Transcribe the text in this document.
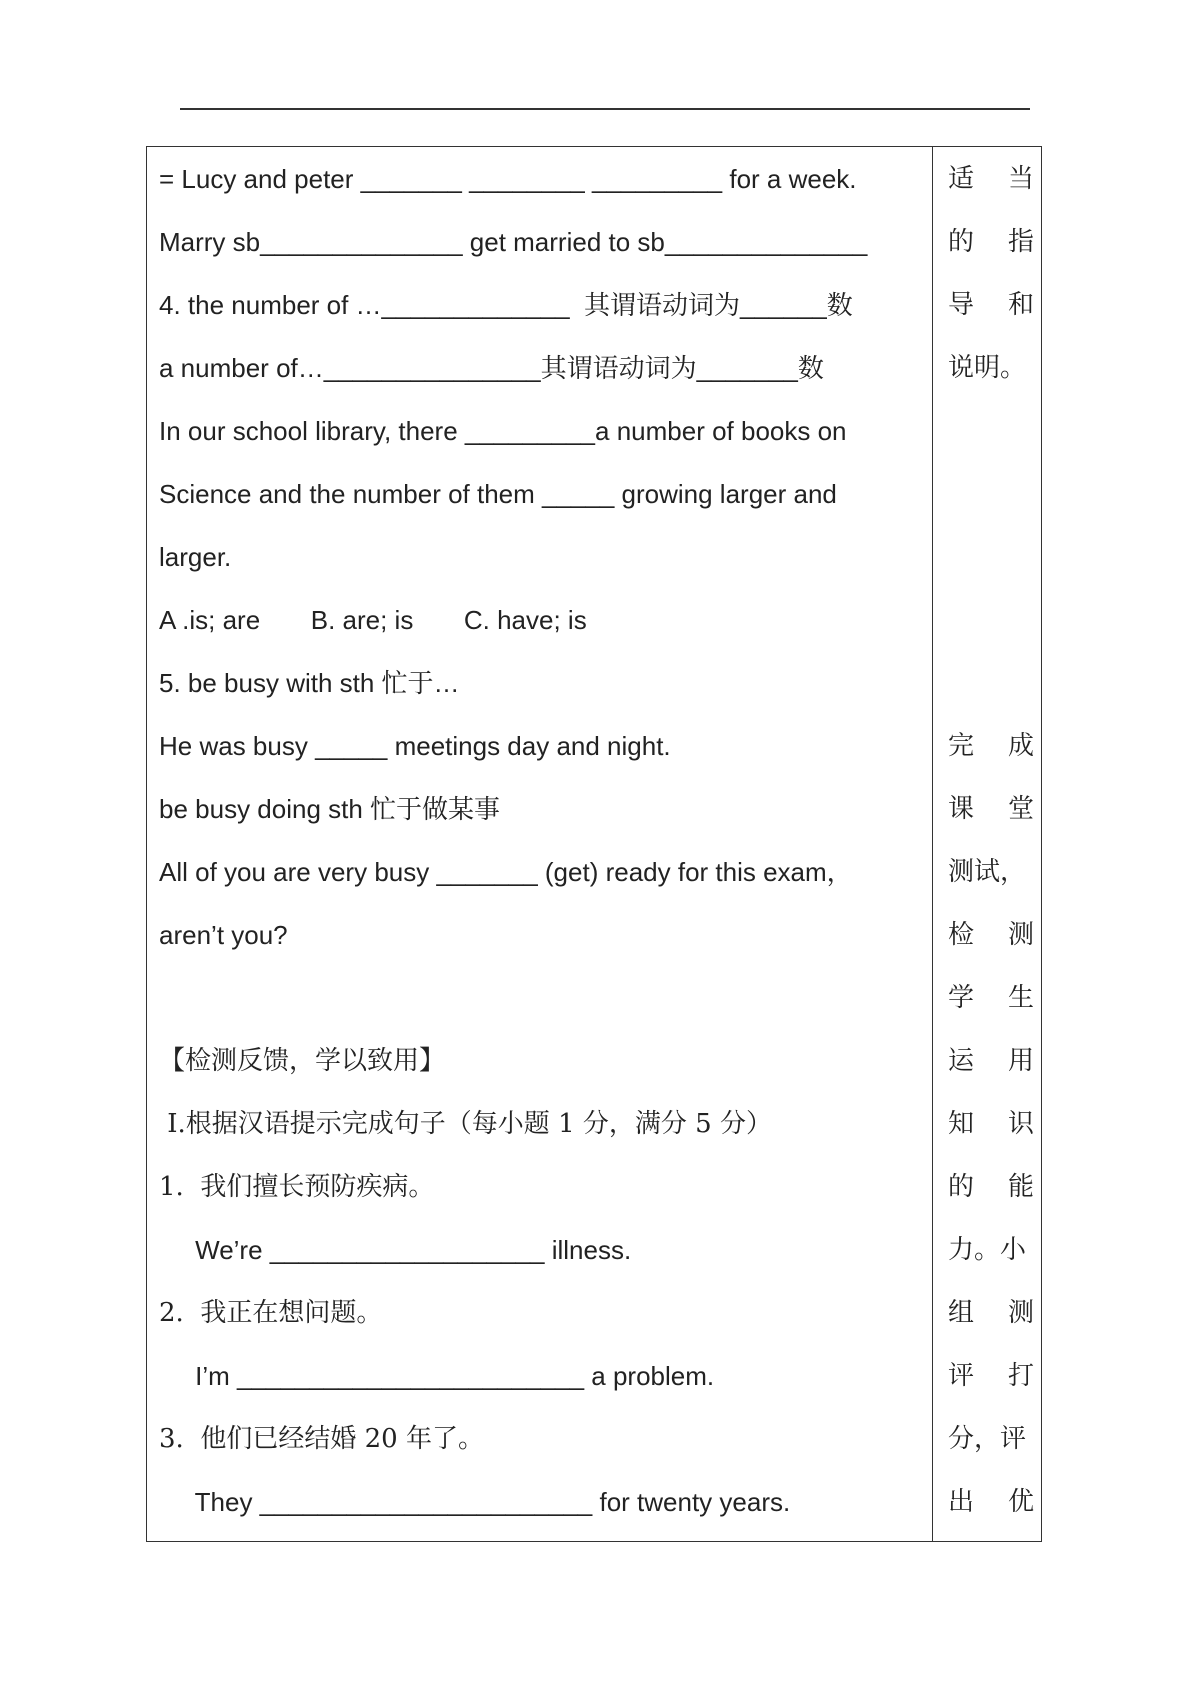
= Lucy and peter _______ ________ _________ for a week.
Marry sb______________ get married to sb______________
4. the number of …_____________  其谓语动词为______数
a number of…_______________其谓语动词为_______数
In our school library, there _________a number of books on
Science and the number of them _____ growing larger and
larger.
A .is; are       B. are; is       C. have; is
5. be busy with sth 忙于…
He was busy _____ meetings day and night.
be busy doing sth 忙于做某事
All of you are very busy _______ (get) ready for this exam，
aren’t you?
【检测反馈，学以致用】
Ⅰ.根据汉语提示完成句子（每小题 1 分，满分 5 分）
1.  我们擅长预防疾病。
We’re ___________________ illness.
2.  我正在想问题。
I’m ________________________ a problem.
3.  他们已经结婚 20 年了。
They _______________________ for twenty years.
适 当
的 指
导 和
说明。
完 成
课 堂
测试，
检 测
学 生
运 用
知 识
的 能
力。小
组 测
评 打
分，评
出 优
